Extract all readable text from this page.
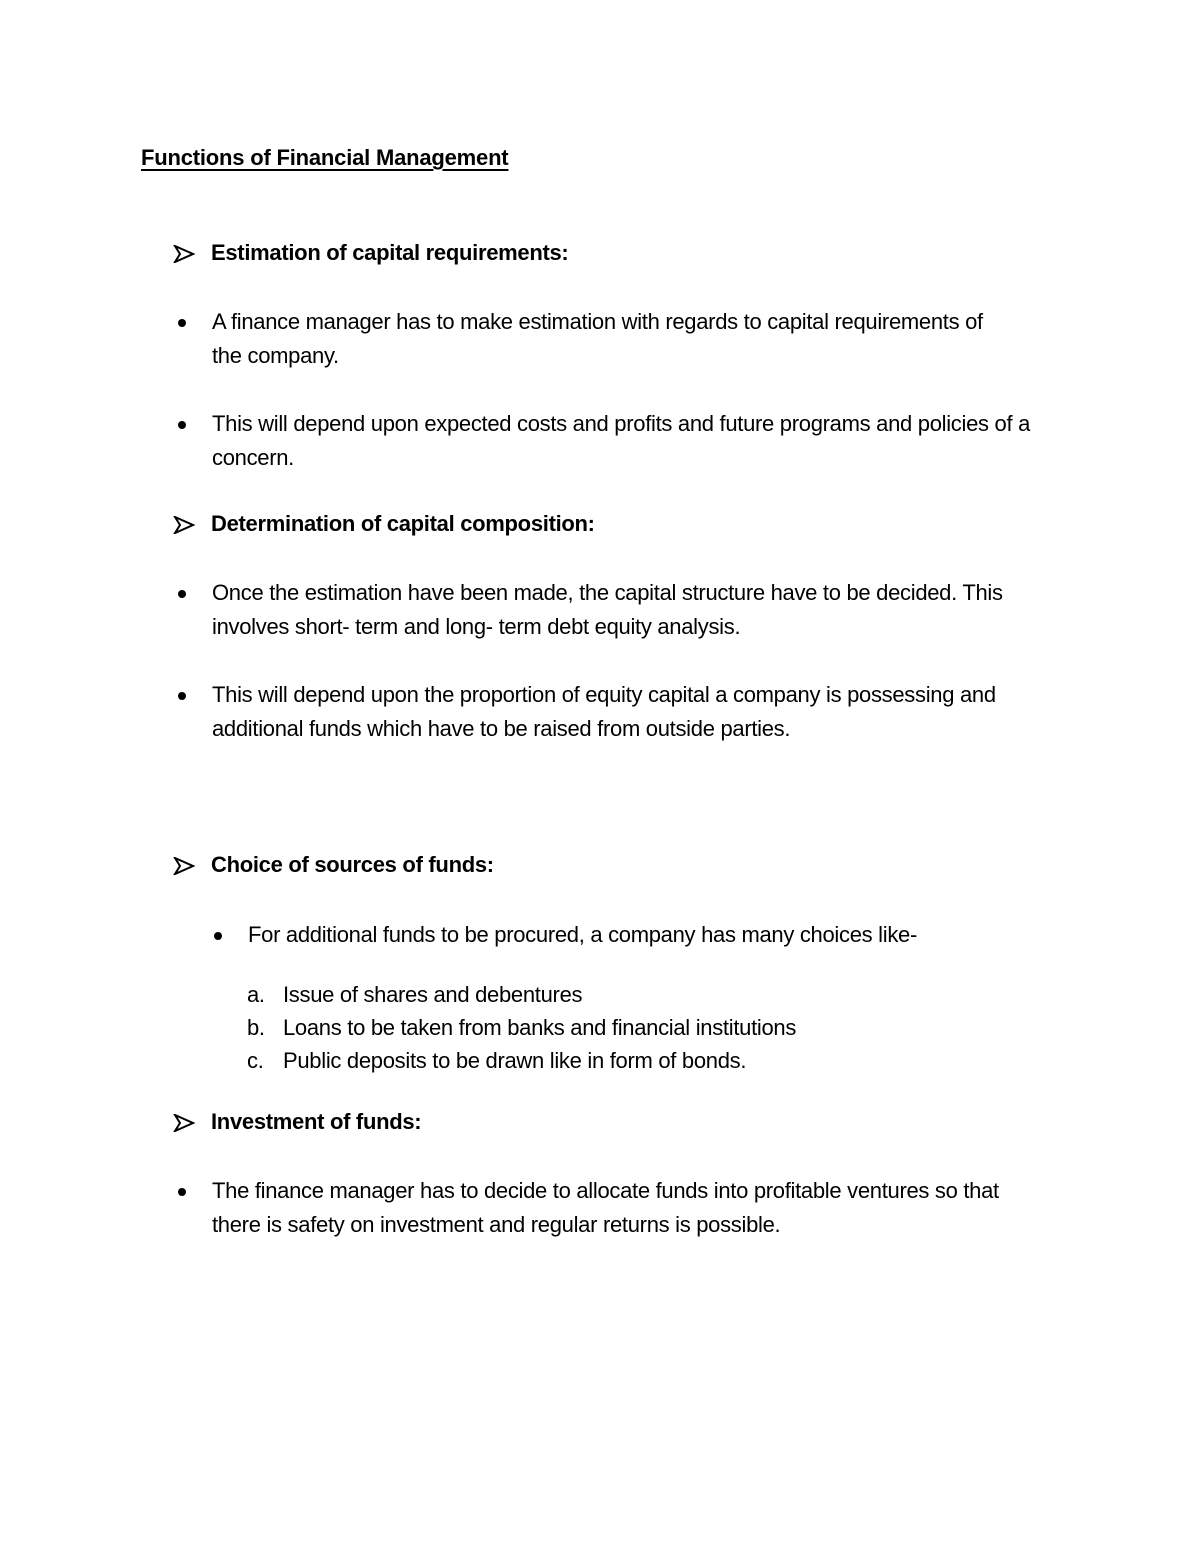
Functions of Financial Management
Estimation of capital requirements:
A finance manager has to make estimation with regards to capital requirements of the company.
This will depend upon expected costs and profits and future programs and policies of a concern.
Determination of capital composition:
Once the estimation have been made, the capital structure have to be decided. This involves short- term and long- term debt equity analysis.
This will depend upon the proportion of equity capital a company is possessing and additional funds which have to be raised from outside parties.
Choice of sources of funds:
For additional funds to be procured, a company has many choices like-
a. Issue of shares and debentures
b. Loans to be taken from banks and financial institutions
c. Public deposits to be drawn like in form of bonds.
Investment of funds:
The finance manager has to decide to allocate funds into profitable ventures so that there is safety on investment and regular returns is possible.
